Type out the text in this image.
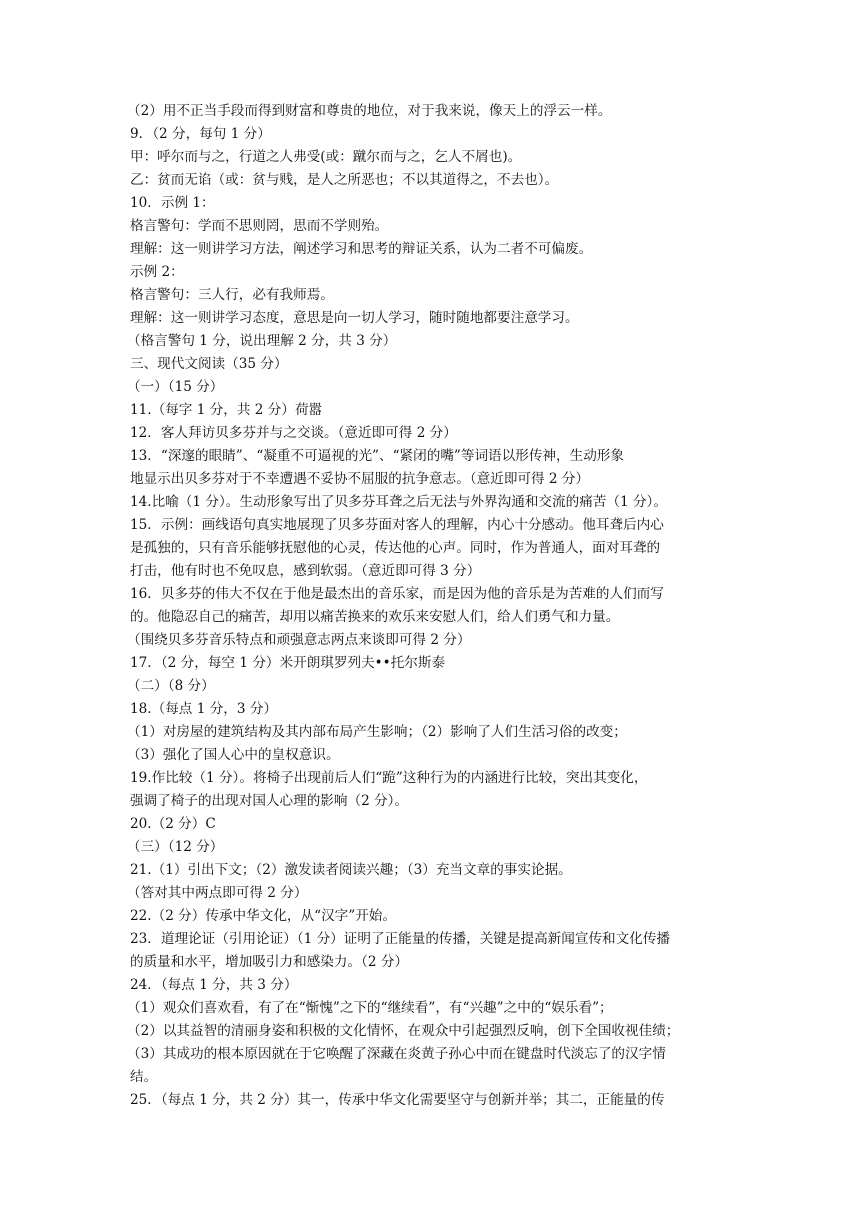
（2）用不正当手段而得到财富和尊贵的地位，对于我来说，像天上的浮云一样。
9．（2 分，每句 1 分）
甲：呼尔而与之，行道之人弗受(或：蹴尔而与之，乞人不屑也)。
乙：贫而无谄（或：贫与贱，是人之所恶也；不以其道得之，不去也）。
10．示例 1：
格言警句：学而不思则罔，思而不学则殆。
理解：这一则讲学习方法，阐述学习和思考的辩证关系，认为二者不可偏废。
示例 2：
格言警句：三人行，必有我师焉。
理解：这一则讲学习态度，意思是向一切人学习，随时随地都要注意学习。
（格言警句 1 分，说出理解 2 分，共 3 分）
三、现代文阅读（35 分）
（一）（15 分）
11.（每字 1 分，共 2 分）荷嚣
12．客人拜访贝多芬并与之交谈。（意近即可得 2 分）
13．“深邃的眼睛”、“凝重不可逼视的光”、“紧闭的嘴”等词语以形传神，生动形象
地显示出贝多芬对于不幸遭遇不妥协不屈服的抗争意志。（意近即可得 2 分）
14.比喻（1 分）。生动形象写出了贝多芬耳聋之后无法与外界沟通和交流的痛苦（1 分）。
15．示例：画线语句真实地展现了贝多芬面对客人的理解，内心十分感动。他耳聋后内心
是孤独的，只有音乐能够抚慰他的心灵，传达他的心声。同时，作为普通人，面对耳聋的
打击，他有时也不免叹息，感到软弱。（意近即可得 3 分）
16．贝多芬的伟大不仅在于他是最杰出的音乐家，而是因为他的音乐是为苦难的人们而写
的。他隐忍自己的痛苦，却用以痛苦换来的欢乐来安慰人们，给人们勇气和力量。
（围绕贝多芬音乐特点和顽强意志两点来谈即可得 2 分）
17．（2 分，每空 1 分）米开朗琪罗列夫••托尔斯泰
（二）（8 分）
18.（每点 1 分，3 分）
（1）对房屋的建筑结构及其内部布局产生影响；（2）影响了人们生活习俗的改变；
（3）强化了国人心中的皇权意识。
19.作比较（1 分）。将椅子出现前后人们“跪”这种行为的内涵进行比较，突出其变化，
强调了椅子的出现对国人心理的影响（2 分）。
20.（2 分）C
（三）（12 分）
21.（1）引出下文；（2）激发读者阅读兴趣；（3）充当文章的事实论据。
（答对其中两点即可得 2 分）
22.（2 分）传承中华文化，从“汉字”开始。
23．道理论证（引用论证）（1 分）证明了正能量的传播，关键是提高新闻宣传和文化传播
的质量和水平，增加吸引力和感染力。（2 分）
24．（每点 1 分，共 3 分）
（1）观众们喜欢看，有了在“惭愧”之下的“继续看”，有“兴趣”之中的“娱乐看”；
（2）以其益智的清丽身姿和积极的文化情怀，在观众中引起强烈反响，创下全国收视佳绩；
（3）其成功的根本原因就在于它唤醒了深藏在炎黄子孙心中而在键盘时代淡忘了的汉字情
结。
25．（每点 1 分，共 2 分）其一，传承中华文化需要坚守与创新并举；其二，正能量的传
